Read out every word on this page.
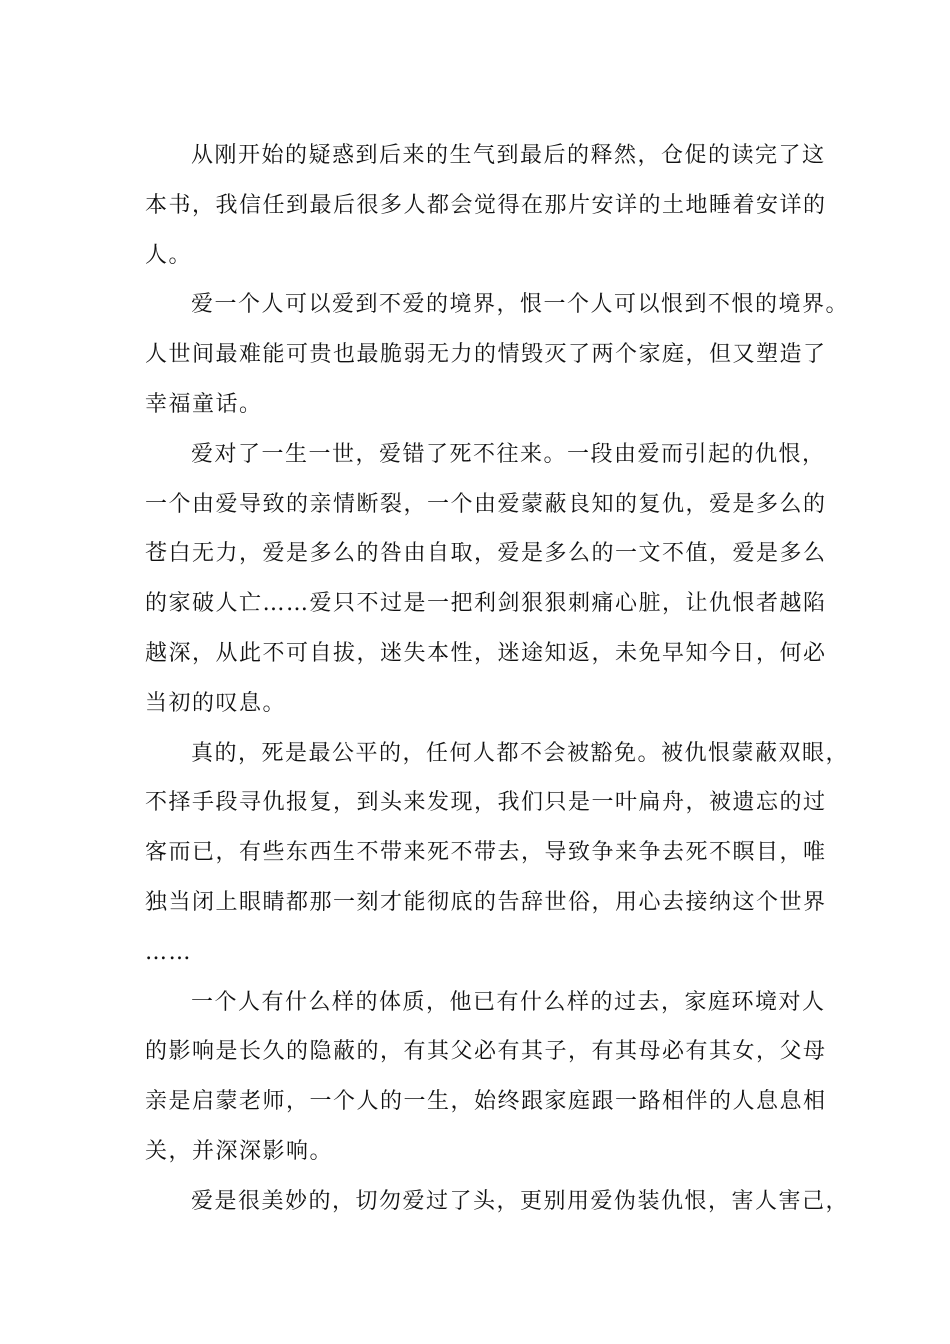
从刚开始的疑惑到后来的生气到最后的释然，仓促的读完了这
本书，我信任到最后很多人都会觉得在那片安详的土地睡着安详的
人。
爱一个人可以爱到不爱的境界，恨一个人可以恨到不恨的境界。
人世间最难能可贵也最脆弱无力的情毁灭了两个家庭，但又塑造了
幸福童话。
爱对了一生一世，爱错了死不往来。一段由爱而引起的仇恨，
一个由爱导致的亲情断裂，一个由爱蒙蔽良知的复仇，爱是多么的
苍白无力，爱是多么的咎由自取，爱是多么的一文不值，爱是多么
的家破人亡……爱只不过是一把利剑狠狠刺痛心脏，让仇恨者越陷
越深，从此不可自拔，迷失本性，迷途知返，未免早知今日，何必
当初的叹息。
真的，死是最公平的，任何人都不会被豁免。被仇恨蒙蔽双眼，
不择手段寻仇报复，到头来发现，我们只是一叶扁舟，被遗忘的过
客而已，有些东西生不带来死不带去，导致争来争去死不瞑目，唯
独当闭上眼睛都那一刻才能彻底的告辞世俗，用心去接纳这个世界
……
一个人有什么样的体质，他已有什么样的过去，家庭环境对人
的影响是长久的隐蔽的，有其父必有其子，有其母必有其女，父母
亲是启蒙老师，一个人的一生，始终跟家庭跟一路相伴的人息息相
关，并深深影响。
爱是很美妙的，切勿爱过了头，更别用爱伪装仇恨，害人害己，
